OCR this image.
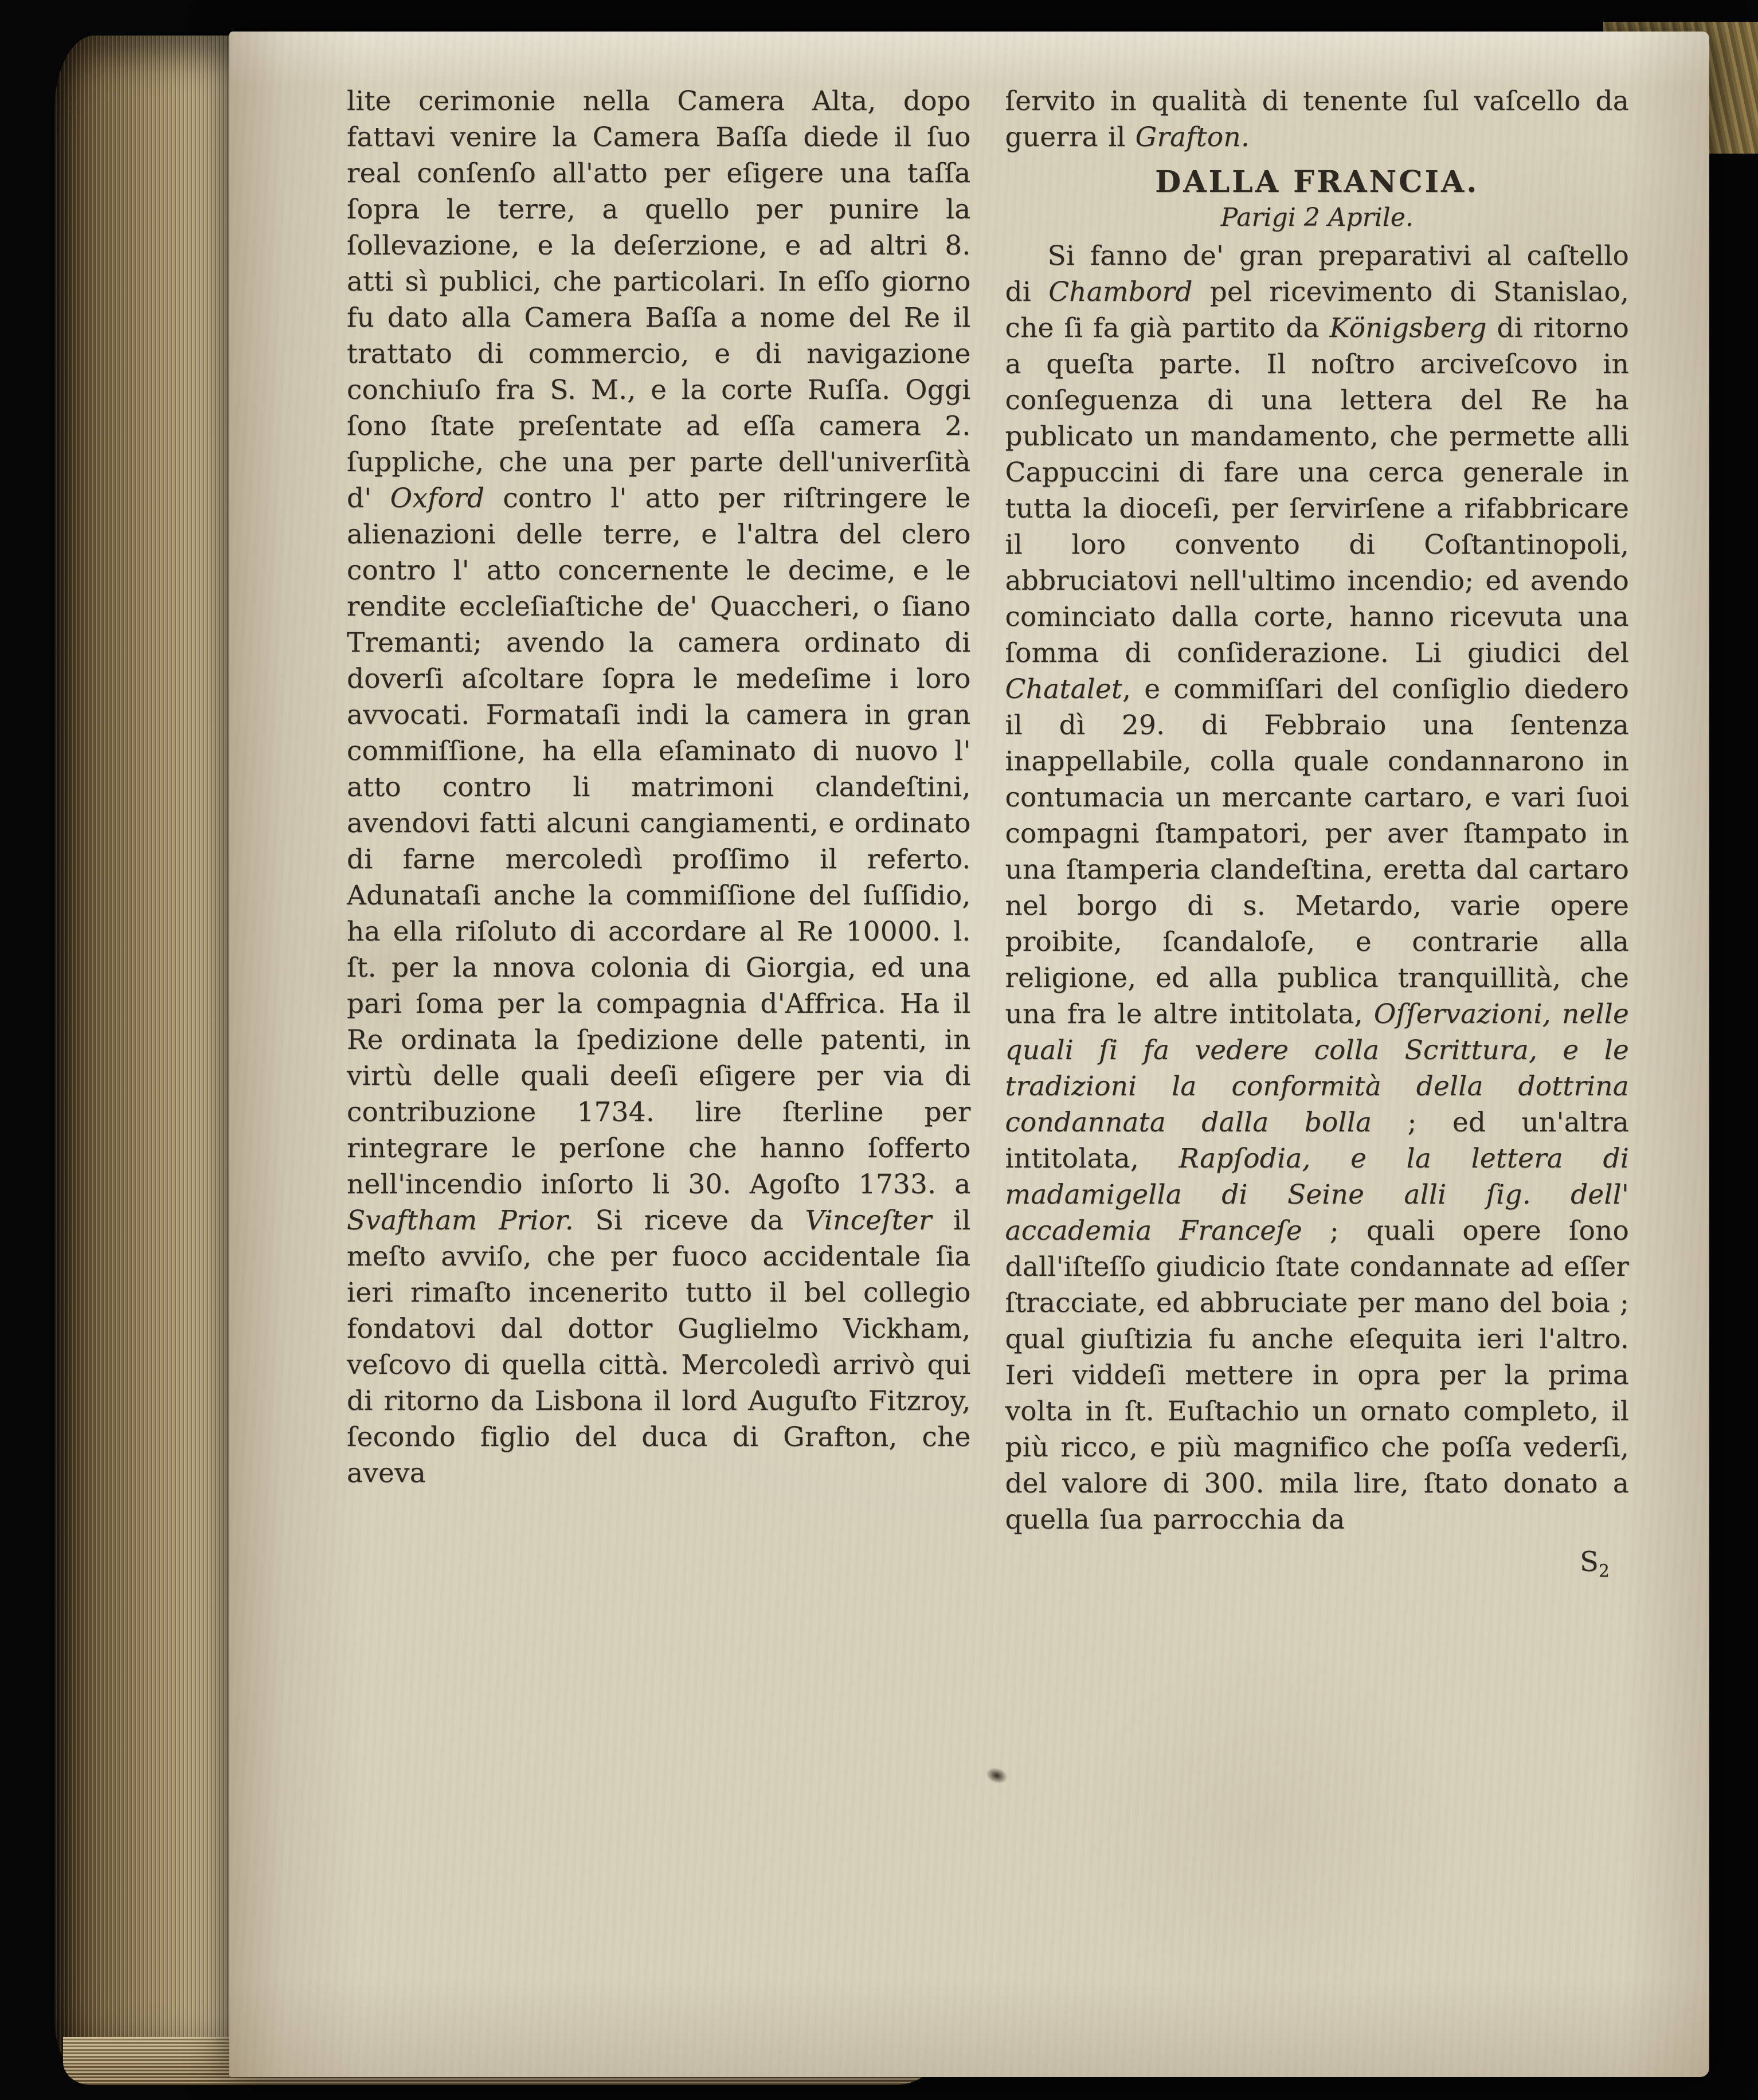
lite cerimonie nella Camera Alta, dopo fattavi venire la Camera Baſſa diede il ſuo real conſenſo all'atto per eſigere una taſſa ſopra le terre, a quello per punire la ſollevazione, e la deſerzione, e ad altri 8. atti sì publici, che particolari. In eſſo giorno fu dato alla Camera Baſſa a nome del Re il trattato di commercio, e di navigazione conchiuſo fra S. M., e la corte Ruſſa. Oggi ſono ſtate preſentate ad eſſa camera 2. ſuppliche, che una per parte dell'univerſità d' Oxford contro l' atto per riſtringere le alienazioni delle terre, e l'altra del clero contro l' atto concernente le decime, e le rendite eccleſiaſtiche de' Quaccheri, o ſiano Tremanti; avendo la camera ordinato di doverſi aſcoltare ſopra le medeſime i loro avvocati. Formataſi indi la camera in gran commiſſione, ha ella eſaminato di nuovo l' atto contro li matrimoni clandeſtini, avendovi fatti alcuni cangiamenti, e ordinato di farne mercoledì proſſimo il referto. Adunataſi anche la commiſſione del ſuſſidio, ha ella riſoluto di accordare al Re 10000. l. ſt. per la nnova colonia di Giorgia, ed una pari ſoma per la compagnia d'Affrica. Ha il Re ordinata la ſpedizione delle patenti, in virtù delle quali deeſi eſigere per via di contribuzione 1734. lire ſterline per rintegrare le perſone che hanno ſofferto nell'incendio inſorto li 30. Agoſto 1733. a Svaftham Prior. Si riceve da Vinceſter il meſto avviſo, che per fuoco accidentale ſia ieri rimaſto incenerito tutto il bel collegio fondatovi dal dottor Guglielmo Vickham, veſcovo di quella città. Mercoledì arrivò qui di ritorno da Lisbona il lord Auguſto Fitzroy, ſecondo figlio del duca di Grafton, che aveva

ſervito in qualità di tenente ſul vaſcello da guerra il Grafton.

DALLA FRANCIA.

Parigi 2 Aprile.

Si fanno de' gran preparativi al caſtello di Chambord pel ricevimento di Stanislao, che ſi fa già partito da Königsberg di ritorno a queſta parte. Il noſtro arciveſcovo in conſeguenza di una lettera del Re ha publicato un mandamento, che permette alli Cappuccini di fare una cerca generale in tutta la dioceſi, per ſervirſene a rifabbricare il loro convento di Coſtantinopoli, abbruciatovi nell'ultimo incendio; ed avendo cominciato dalla corte, hanno ricevuta una ſomma di conſiderazione. Li giudici del Chatalet, e commiſſari del conſiglio diedero il dì 29. di Febbraio una ſentenza inappellabile, colla quale condannarono in contumacia un mercante cartaro, e vari ſuoi compagni ſtampatori, per aver ſtampato in una ſtamperia clandeſtina, eretta dal cartaro nel borgo di s. Metardo, varie opere proibite, ſcandaloſe, e contrarie alla religione, ed alla publica tranquillità, che una fra le altre intitolata, Oſſervazioni, nelle quali ſi fa vedere colla Scrittura, e le tradizioni la conformità della dottrina condannata dalla bolla ; ed un'altra intitolata, Rapſodia, e la lettera di madamigella di Seine alli ſig. dell' accademia Franceſe ; quali opere ſono dall'iſteſſo giudicio ſtate condannate ad eſſer ſtracciate, ed abbruciate per mano del boia ; qual giuſtizia fu anche eſequita ieri l'altro. Ieri viddeſi mettere in opra per la prima volta in ſt. Euſtachio un ornato completo, il più ricco, e più magnifico che poſſa vederſi, del valore di 300. mila lire, ſtato donato a quella ſua parrocchia da

$S_2$
